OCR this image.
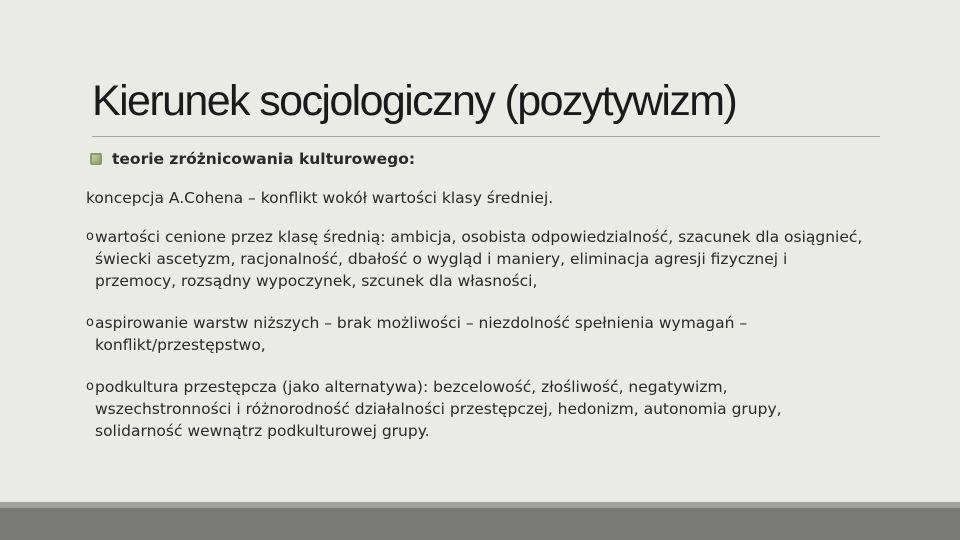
Kierunek socjologiczny (pozytywizm)
teorie zróżnicowania kulturowego:
koncepcja A.Cohena – konflikt wokół wartości klasy średniej.
o wartości cenione przez klasę średnią: ambicja, osobista odpowiedzialność, szacunek dla osiągnieć, świecki ascetyzm, racjonalność, dbałość o wygląd i maniery, eliminacja agresji fizycznej i przemocy, rozsądny wypoczynek, szcunek dla własności,
o aspirowanie warstw niższych – brak możliwości – niezdolność spełnienia wymagań – konflikt/przestępstwo,
o podkultura przestępcza (jako alternatywa): bezcelowość, złośliwość, negatywizm, wszechstronności i różnorodność działalności przestępczej, hedonizm, autonomia grupy, solidarność wewnątrz podkulturowej grupy.
